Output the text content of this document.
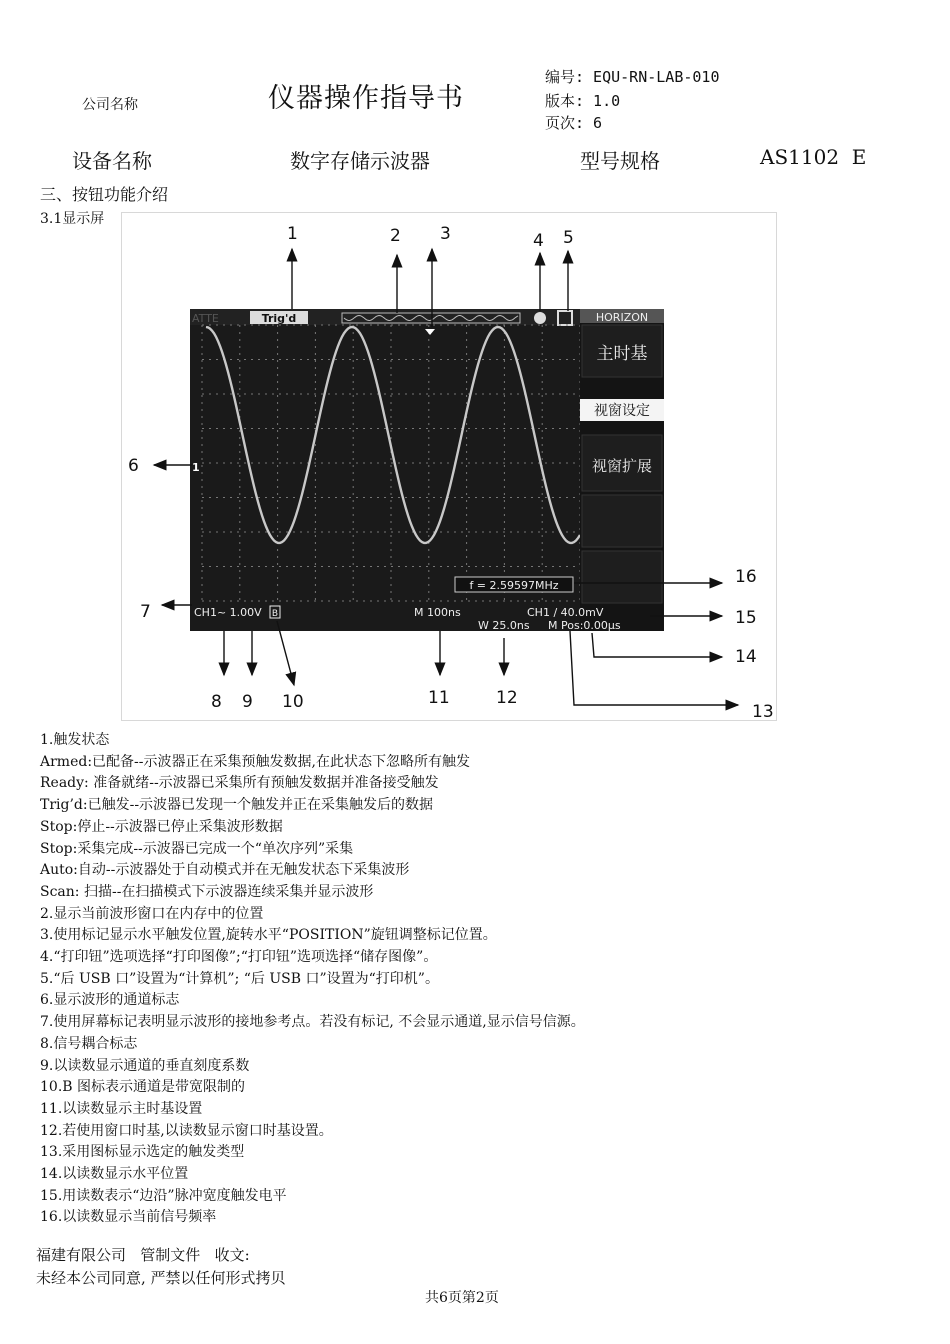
公司名称	仪器操作指导书
编号: EQU-RN-LAB-010
版本: 1.0
页次: 6
设备名称	数字存储示波器	型号规格	AS1102  E
三、按钮功能介绍
3.1显示屏
ATTE	Trig'd
1
f = 2.59597MHz
HORIZON
主时基
视窗设定
视窗扩展
CH1~ 1.00V B	M 100ns	CH1 ∕ 40.0mV
W 25.0ns M Pos:0.00μs
1	2 3	4 5
6
7
8 9 10	11	12
13
14
15
16
1.触发状态
Armed:已配备--示波器正在采集预触发数据,在此状态下忽略所有触发
Ready: 准备就绪--示波器已采集所有预触发数据并准备接受触发
Trig’d:已触发--示波器已发现一个触发并正在采集触发后的数据
Stop:停止--示波器已停止采集波形数据
Stop:采集完成--示波器已完成一个“单次序列”采集
Auto:自动--示波器处于自动模式并在无触发状态下采集波形
Scan: 扫描--在扫描模式下示波器连续采集并显示波形
2.显示当前波形窗口在内存中的位置
3.使用标记显示水平触发位置,旋转水平“POSITION”旋钮调整标记位置。
4.“打印钮”选项选择“打印图像”;“打印钮”选项选择“储存图像”。
5.“后 USB 口”设置为“计算机”; “后 USB 口”设置为“打印机”。
6.显示波形的通道标志
7.使用屏幕标记表明显示波形的接地参考点。若没有标记, 不会显示通道,显示信号信源。
8.信号耦合标志
9.以读数显示通道的垂直刻度系数
10.B 图标表示通道是带宽限制的
11.以读数显示主时基设置
12.若使用窗口时基,以读数显示窗口时基设置。
13.采用图标显示选定的触发类型
14.以读数显示水平位置
15.用读数表示“边沿”脉冲宽度触发电平
16.以读数显示当前信号频率
福建有限公司   管制文件   收文:
未经本公司同意, 严禁以任何形式拷贝
共6页第2页
